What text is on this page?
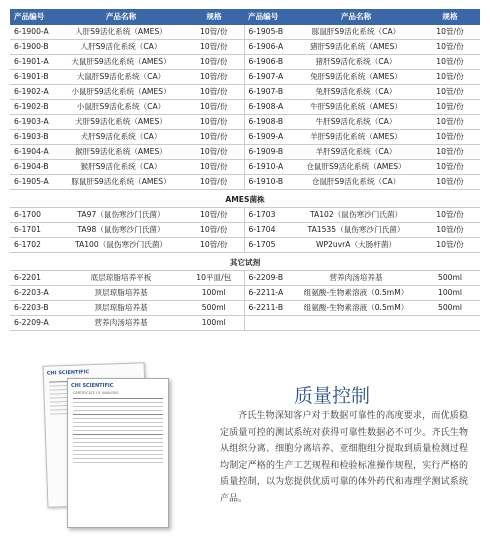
产品编号	产品名称	规格	产品编号	产品名称	规格
6-1900-A	人肝S9活化系统（AMES）	10管/份	6-1905-B	豚鼠肝S9活化系统（CA）	10管/份
6-1900-B	人肝S9活化系统（CA）	10管/份	6-1906-A	猪肝S9活化系统（AMES）	10管/份
6-1901-A	大鼠肝S9活化系统（AMES）	10管/份	6-1906-B	猪肝S9活化系统（CA）	10管/份
6-1901-B	大鼠肝S9活化系统（CA）	10管/份	6-1907-A	兔肝S9活化系统（AMES）	10管/份
6-1902-A	小鼠肝S9活化系统（AMES）	10管/份	6-1907-B	兔肝S9活化系统（CA）	10管/份
6-1902-B	小鼠肝S9活化系统（CA）	10管/份	6-1908-A	牛肝S9活化系统（AMES）	10管/份
6-1903-A	犬肝S9活化系统（AMES）	10管/份	6-1908-B	牛肝S9活化系统（CA）	10管/份
6-1903-B	犬肝S9活化系统（CA）	10管/份	6-1909-A	羊肝S9活化系统（AMES）	10管/份
6-1904-A	猴肝S9活化系统（AMES）	10管/份	6-1909-B	羊肝S9活化系统（CA）	10管/份
6-1904-B	猴肝S9活化系统（CA）	10管/份	6-1910-A	仓鼠肝S9活化系统（AMES）	10管/份
6-1905-A	豚鼠肝S9活化系统（AMES）	10管/份	6-1910-B	仓鼠肝S9活化系统（CA）	10管/份

AMES菌株					
6-1700	TA97（鼠伤寒沙门氏菌）	10管/份	6-1703	TA102（鼠伤寒沙门氏菌）	10管/份
6-1701	TA98（鼠伤寒沙门氏菌）	10管/份	6-1704	TA1535（鼠伤寒沙门氏菌）	10管/份
6-1702	TA100（鼠伤寒沙门氏菌）	10管/份	6-1705	WP2uvrA（大肠杆菌）	10管/份

其它试剂					
6-2201	底层琼脂培养平板	10平皿/包	6-2209-B	营养肉汤培养基	500ml
6-2203-A	顶层琼脂培养基	100ml	6-2211-A	组氨酸-生物素溶液（0.5mM）	100ml
6-2203-B	顶层琼脂培养基	500ml	6-2211-B	组氨酸-生物素溶液（0.5mM）	500ml
6-2209-A	营养肉汤培养基	100ml			
CHI SCIENTIFIC
CHI SCIENTIFIC
CERTIFICATE OF ANALYSIS	质量控制
齐氏生物深知客户对于数据可靠性的高度要求，而优质稳定质量可控的测试系统对获得可靠性数据必不可少。齐氏生物从组织分离、细胞分离培养、亚细胞组分提取到质量检测过程均制定严格的生产工艺规程和检验标准操作规程，实行严格的质量控制，以为您提供优质可靠的体外药代和毒理学测试系统产品。
